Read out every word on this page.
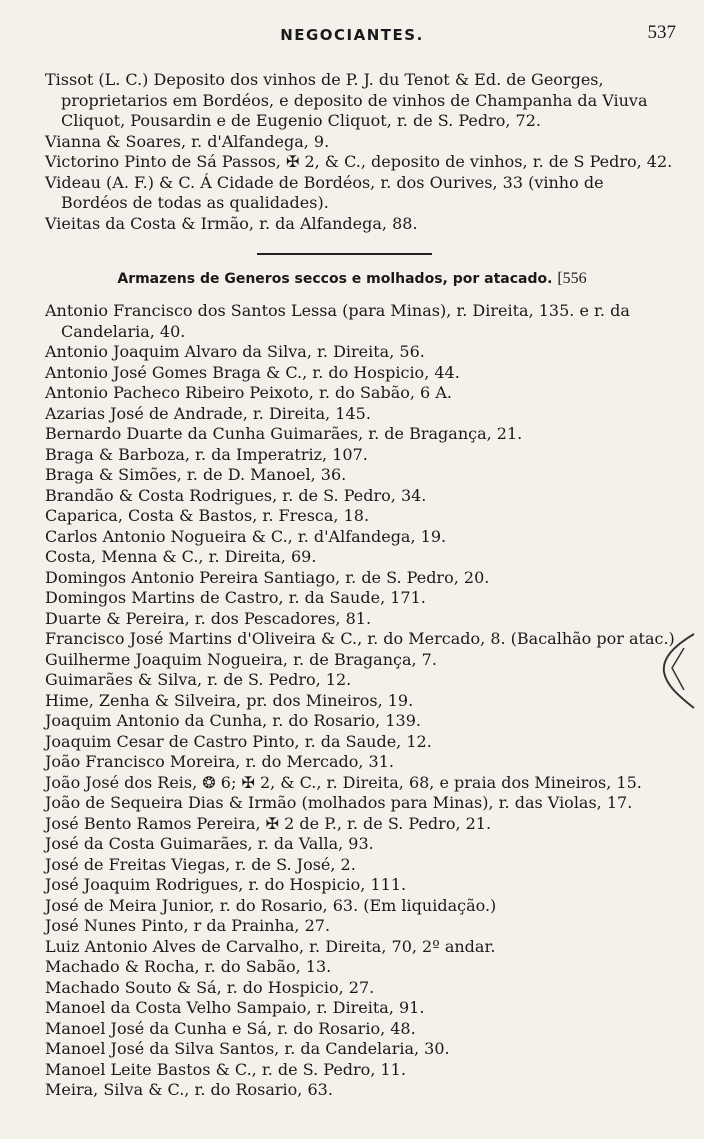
NEGOCIANTES.	537

Tissot (L. C.) Deposito dos vinhos de P. J. du Tenot & Ed. de Georges, proprietarios em Bordéos, e deposito de vinhos de Champanha da Viuva Cliquot, Pousardin e de Eugenio Cliquot, r. de S. Pedro, 72.

Vianna & Soares, r. d'Alfandega, 9.

Victorino Pinto de Sá Passos, ✠ 2, & C., deposito de vinhos, r. de S Pedro, 42.

Videau (A. F.) & C. Á Cidade de Bordéos, r. dos Ourives, 33 (vinho de Bordéos de todas as qualidades).

Vieitas da Costa & Irmão, r. da Alfandega, 88.

Armazens de Generos seccos e molhados, por atacado. [556

Antonio Francisco dos Santos Lessa (para Minas), r. Direita, 135. e r. da Candelaria, 40.

Antonio Joaquim Alvaro da Silva, r. Direita, 56.

Antonio José Gomes Braga & C., r. do Hospicio, 44.

Antonio Pacheco Ribeiro Peixoto, r. do Sabão, 6 A.

Azarias José de Andrade, r. Direita, 145.

Bernardo Duarte da Cunha Guimarães, r. de Bragança, 21.

Braga & Barboza, r. da Imperatriz, 107.

Braga & Simões, r. de D. Manoel, 36.

Brandão & Costa Rodrigues, r. de S. Pedro, 34.

Caparica, Costa & Bastos, r. Fresca, 18.

Carlos Antonio Nogueira & C., r. d'Alfandega, 19.

Costa, Menna & C., r. Direita, 69.

Domingos Antonio Pereira Santiago, r. de S. Pedro, 20.

Domingos Martins de Castro, r. da Saude, 171.

Duarte & Pereira, r. dos Pescadores, 81.

Francisco José Martins d'Oliveira & C., r. do Mercado, 8. (Bacalhão por atac.)

Guilherme Joaquim Nogueira, r. de Bragança, 7.

Guimarães & Silva, r. de S. Pedro, 12.

Hime, Zenha & Silveira, pr. dos Mineiros, 19.

Joaquim Antonio da Cunha, r. do Rosario, 139.

Joaquim Cesar de Castro Pinto, r. da Saude, 12.

João Francisco Moreira, r. do Mercado, 31.

João José dos Reis, ❂ 6; ✠ 2, & C., r. Direita, 68, e praia dos Mineiros, 15.

João de Sequeira Dias & Irmão (molhados para Minas), r. das Violas, 17.

José Bento Ramos Pereira, ✠ 2 de P., r. de S. Pedro, 21.

José da Costa Guimarães, r. da Valla, 93.

José de Freitas Viegas, r. de S. José, 2.

José Joaquim Rodrigues, r. do Hospicio, 111.

José de Meira Junior, r. do Rosario, 63. (Em liquidação.)

José Nunes Pinto, r da Prainha, 27.

Luiz Antonio Alves de Carvalho, r. Direita, 70, 2º andar.

Machado & Rocha, r. do Sabão, 13.

Machado Souto & Sá, r. do Hospicio, 27.

Manoel da Costa Velho Sampaio, r. Direita, 91.

Manoel José da Cunha e Sá, r. do Rosario, 48.

Manoel José da Silva Santos, r. da Candelaria, 30.

Manoel Leite Bastos & C., r. de S. Pedro, 11.

Meira, Silva & C., r. do Rosario, 63.
